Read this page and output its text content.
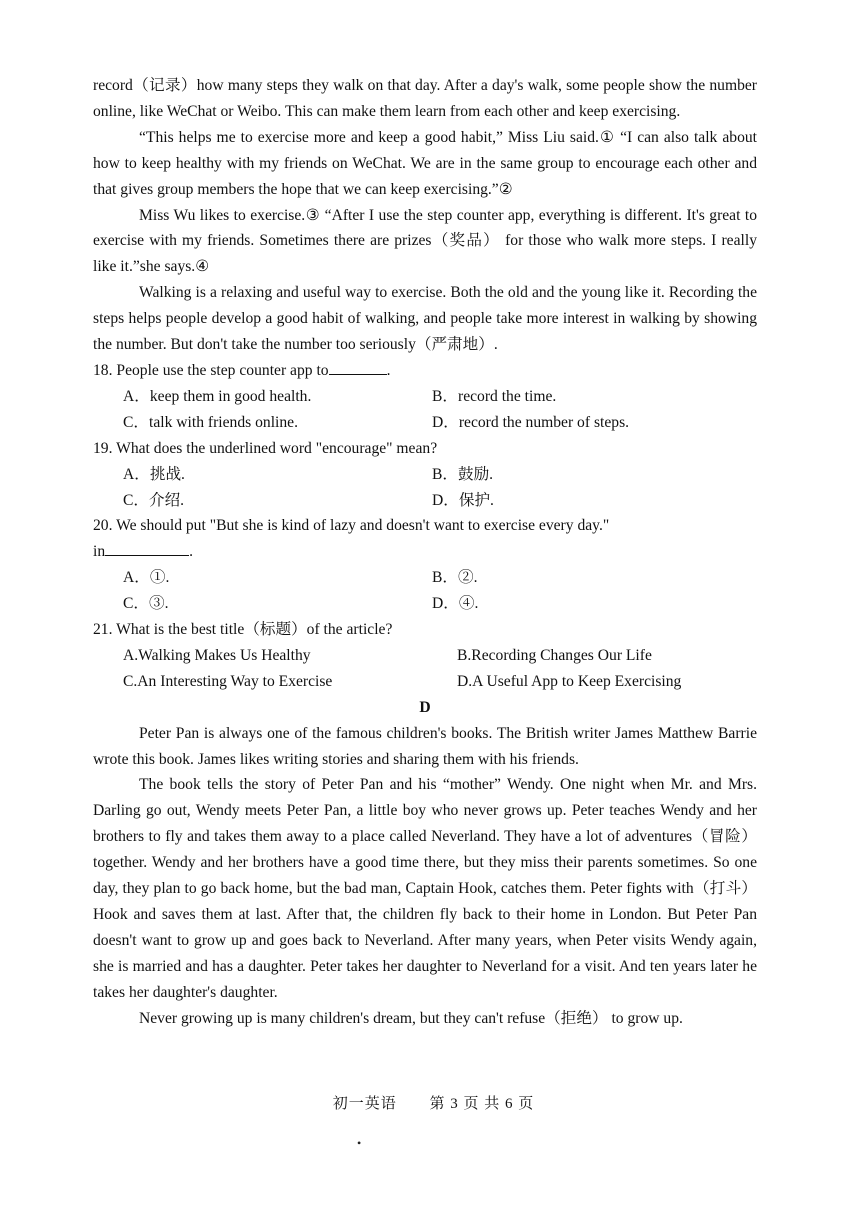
record（记录）how many steps they walk on that day. After a day's walk, some people show the number online, like WeChat or Weibo. This can make them learn from each other and keep exercising.

“This helps me to exercise more and keep a good habit,” Miss Liu said.① “I can also talk about how to keep healthy with my friends on WeChat. We are in the same group to encourage each other and that gives group members the hope that we can keep exercising.”②

Miss Wu likes to exercise.③ “After I use the step counter app, everything is different. It's great to exercise with my friends. Sometimes there are prizes（奖品） for those who walk more steps. I really like it.”she says.④

Walking is a relaxing and useful way to exercise. Both the old and the young like it. Recording the steps helps people develop a good habit of walking, and people take more interest in walking by showing the number. But don't take the number too seriously（严肃地）.

18. People use the step counter app to	.

A．keep them in good health.	B．record the time.
C．talk with friends online.	D．record the number of steps.

19. What does the underlined word "encourage" mean?

A．挑战.	B．鼓励.
C．介绍.	D．保护.

20. We should put "But she is kind of lazy and doesn't want to exercise every day."

in	.

A．①.	B．②.
C．③.	D．④.

21. What is the best title（标题）of the article?

A.Walking Makes Us Healthy	B.Recording Changes Our Life
C.An Interesting Way to Exercise	D.A Useful App to Keep Exercising

D

Peter Pan is always one of the famous children's books. The British writer James Matthew Barrie wrote this book. James likes writing stories and sharing them with his friends.

The book tells the story of Peter Pan and his “mother” Wendy. One night when Mr. and Mrs. Darling go out, Wendy meets Peter Pan, a little boy who never grows up. Peter teaches Wendy and her brothers to fly and takes them away to a place called Neverland. They have a lot of adventures（冒险）together. Wendy and her brothers have a good time there, but they miss their parents sometimes. So one day, they plan to go back home, but the bad man, Captain Hook, catches them. Peter fights with（打斗）Hook and saves them at last. After that, the children fly back to their home in London. But Peter Pan doesn't want to grow up and goes back to Neverland. After many years, when Peter visits Wendy again, she is married and has a daughter. Peter takes her daughter to Neverland for a visit. And ten years later he takes her daughter's daughter.

Never growing up is many children's dream, but they can't refuse（拒绝） to grow up.

初一英语 第 3 页 共 6 页
•
